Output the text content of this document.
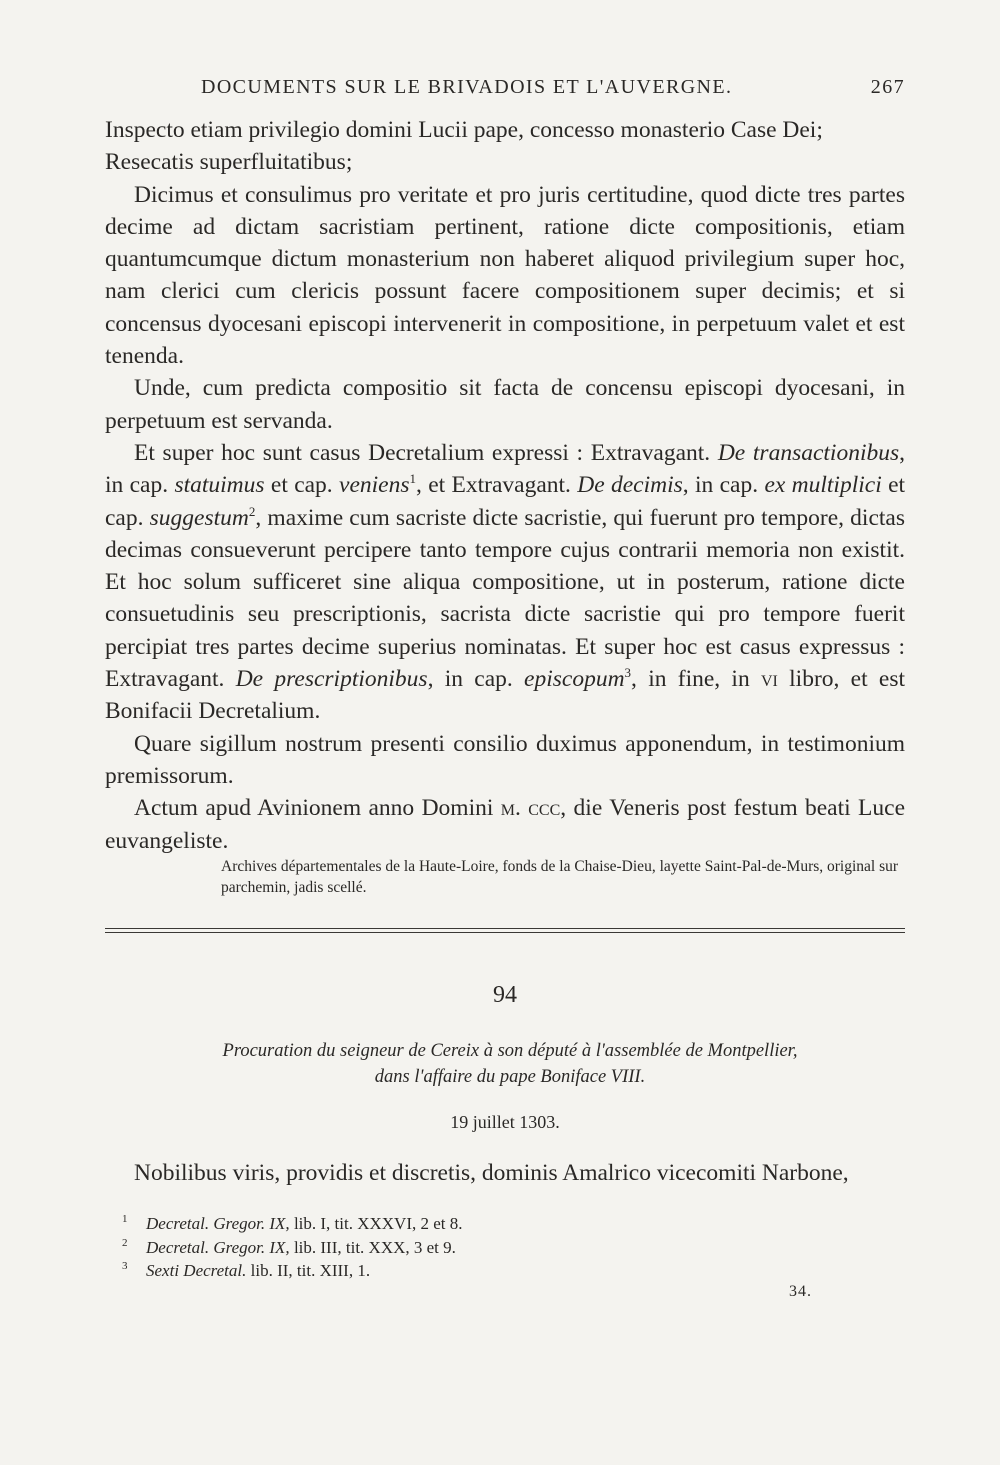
DOCUMENTS SUR LE BRIVADOIS ET L'AUVERGNE.	267

Inspecto etiam privilegio domini Lucii pape, concesso monasterio Case Dei;

Resecatis superfluitatibus;

Dicimus et consulimus pro veritate et pro juris certitudine, quod dicte tres partes decime ad dictam sacristiam pertinent, ratione dicte compositionis, etiam quantumcumque dictum monasterium non haberet aliquod privilegium super hoc, nam clerici cum clericis possunt facere compositionem super decimis; et si concensus dyocesani episcopi intervenerit in compositione, in perpetuum valet et est tenenda.

Unde, cum predicta compositio sit facta de concensu episcopi dyocesani, in perpetuum est servanda.

Et super hoc sunt casus Decretalium expressi : Extravagant. De transactionibus, in cap. statuimus et cap. veniens$^1$, et Extravagant. De decimis, in cap. ex multiplici et cap. suggestum$^2$, maxime cum sacriste dicte sacristie, qui fuerunt pro tempore, dictas decimas consueverunt percipere tanto tempore cujus contrarii memoria non existit. Et hoc solum sufficeret sine aliqua compositione, ut in posterum, ratione dicte consuetudinis seu prescriptionis, sacrista dicte sacristie qui pro tempore fuerit percipiat tres partes decime superius nominatas. Et super hoc est casus expressus : Extravagant. De prescriptionibus, in cap. episcopum$^3$, in fine, in vi libro, et est Bonifacii Decretalium.

Quare sigillum nostrum presenti consilio duximus apponendum, in testimonium premissorum.

Actum apud Avinionem anno Domini m. ccc, die Veneris post festum beati Luce euvangeliste.

Archives départementales de la Haute-Loire, fonds de la Chaise-Dieu, layette Saint-Pal-de-Murs, original sur parchemin, jadis scellé.
94
Procuration du seigneur de Cereix à son député à l'assemblée de Montpellier,
dans l'affaire du pape Boniface VIII.
19 juillet 1303.
Nobilibus viris, providis et discretis, dominis Amalrico vicecomiti Narbone,
1 Decretal. Gregor. IX, lib. I, tit. XXXVI, 2 et 8.
2 Decretal. Gregor. IX, lib. III, tit. XXX, 3 et 9.
3 Sexti Decretal. lib. II, tit. XIII, 1.
34.
